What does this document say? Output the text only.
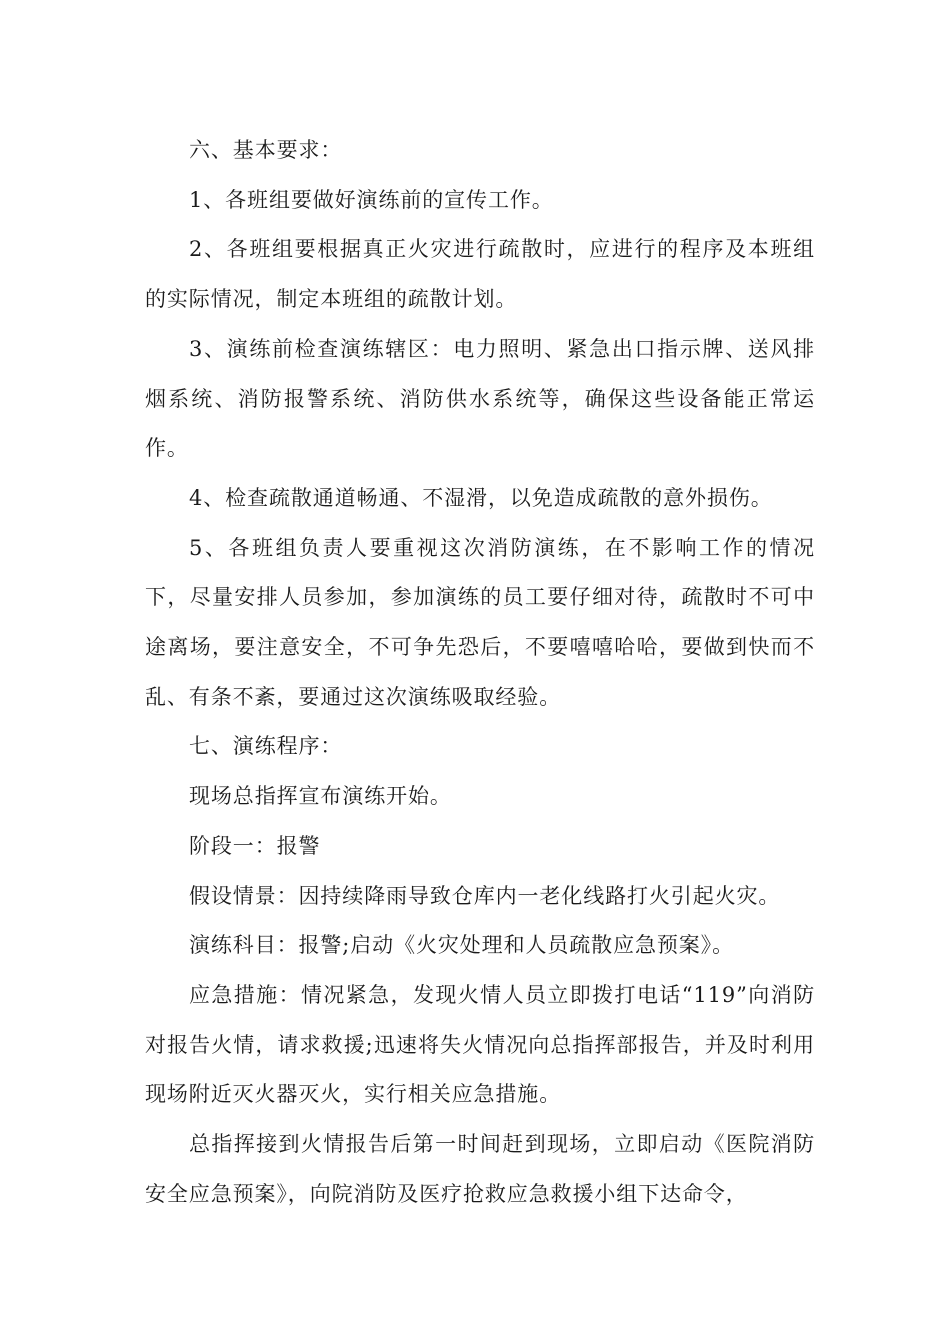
六、基本要求：

1、各班组要做好演练前的宣传工作。

2、各班组要根据真正火灾进行疏散时，应进行的程序及本班组的实际情况，制定本班组的疏散计划。

3、演练前检查演练辖区：电力照明、紧急出口指示牌、送风排烟系统、消防报警系统、消防供水系统等，确保这些设备能正常运作。

4、检查疏散通道畅通、不湿滑，以免造成疏散的意外损伤。

5、各班组负责人要重视这次消防演练，在不影响工作的情况下，尽量安排人员参加，参加演练的员工要仔细对待，疏散时不可中途离场，要注意安全，不可争先恐后，不要嘻嘻哈哈，要做到快而不乱、有条不紊，要通过这次演练吸取经验。

七、演练程序：

现场总指挥宣布演练开始。

阶段一：报警

假设情景：因持续降雨导致仓库内一老化线路打火引起火灾。

演练科目：报警;启动《火灾处理和人员疏散应急预案》。

应急措施：情况紧急，发现火情人员立即拨打电话“119”向消防对报告火情，请求救援;迅速将失火情况向总指挥部报告，并及时利用现场附近灭火器灭火，实行相关应急措施。

总指挥接到火情报告后第一时间赶到现场，立即启动《医院消防安全应急预案》，向院消防及医疗抢救应急救援小组下达命令，
